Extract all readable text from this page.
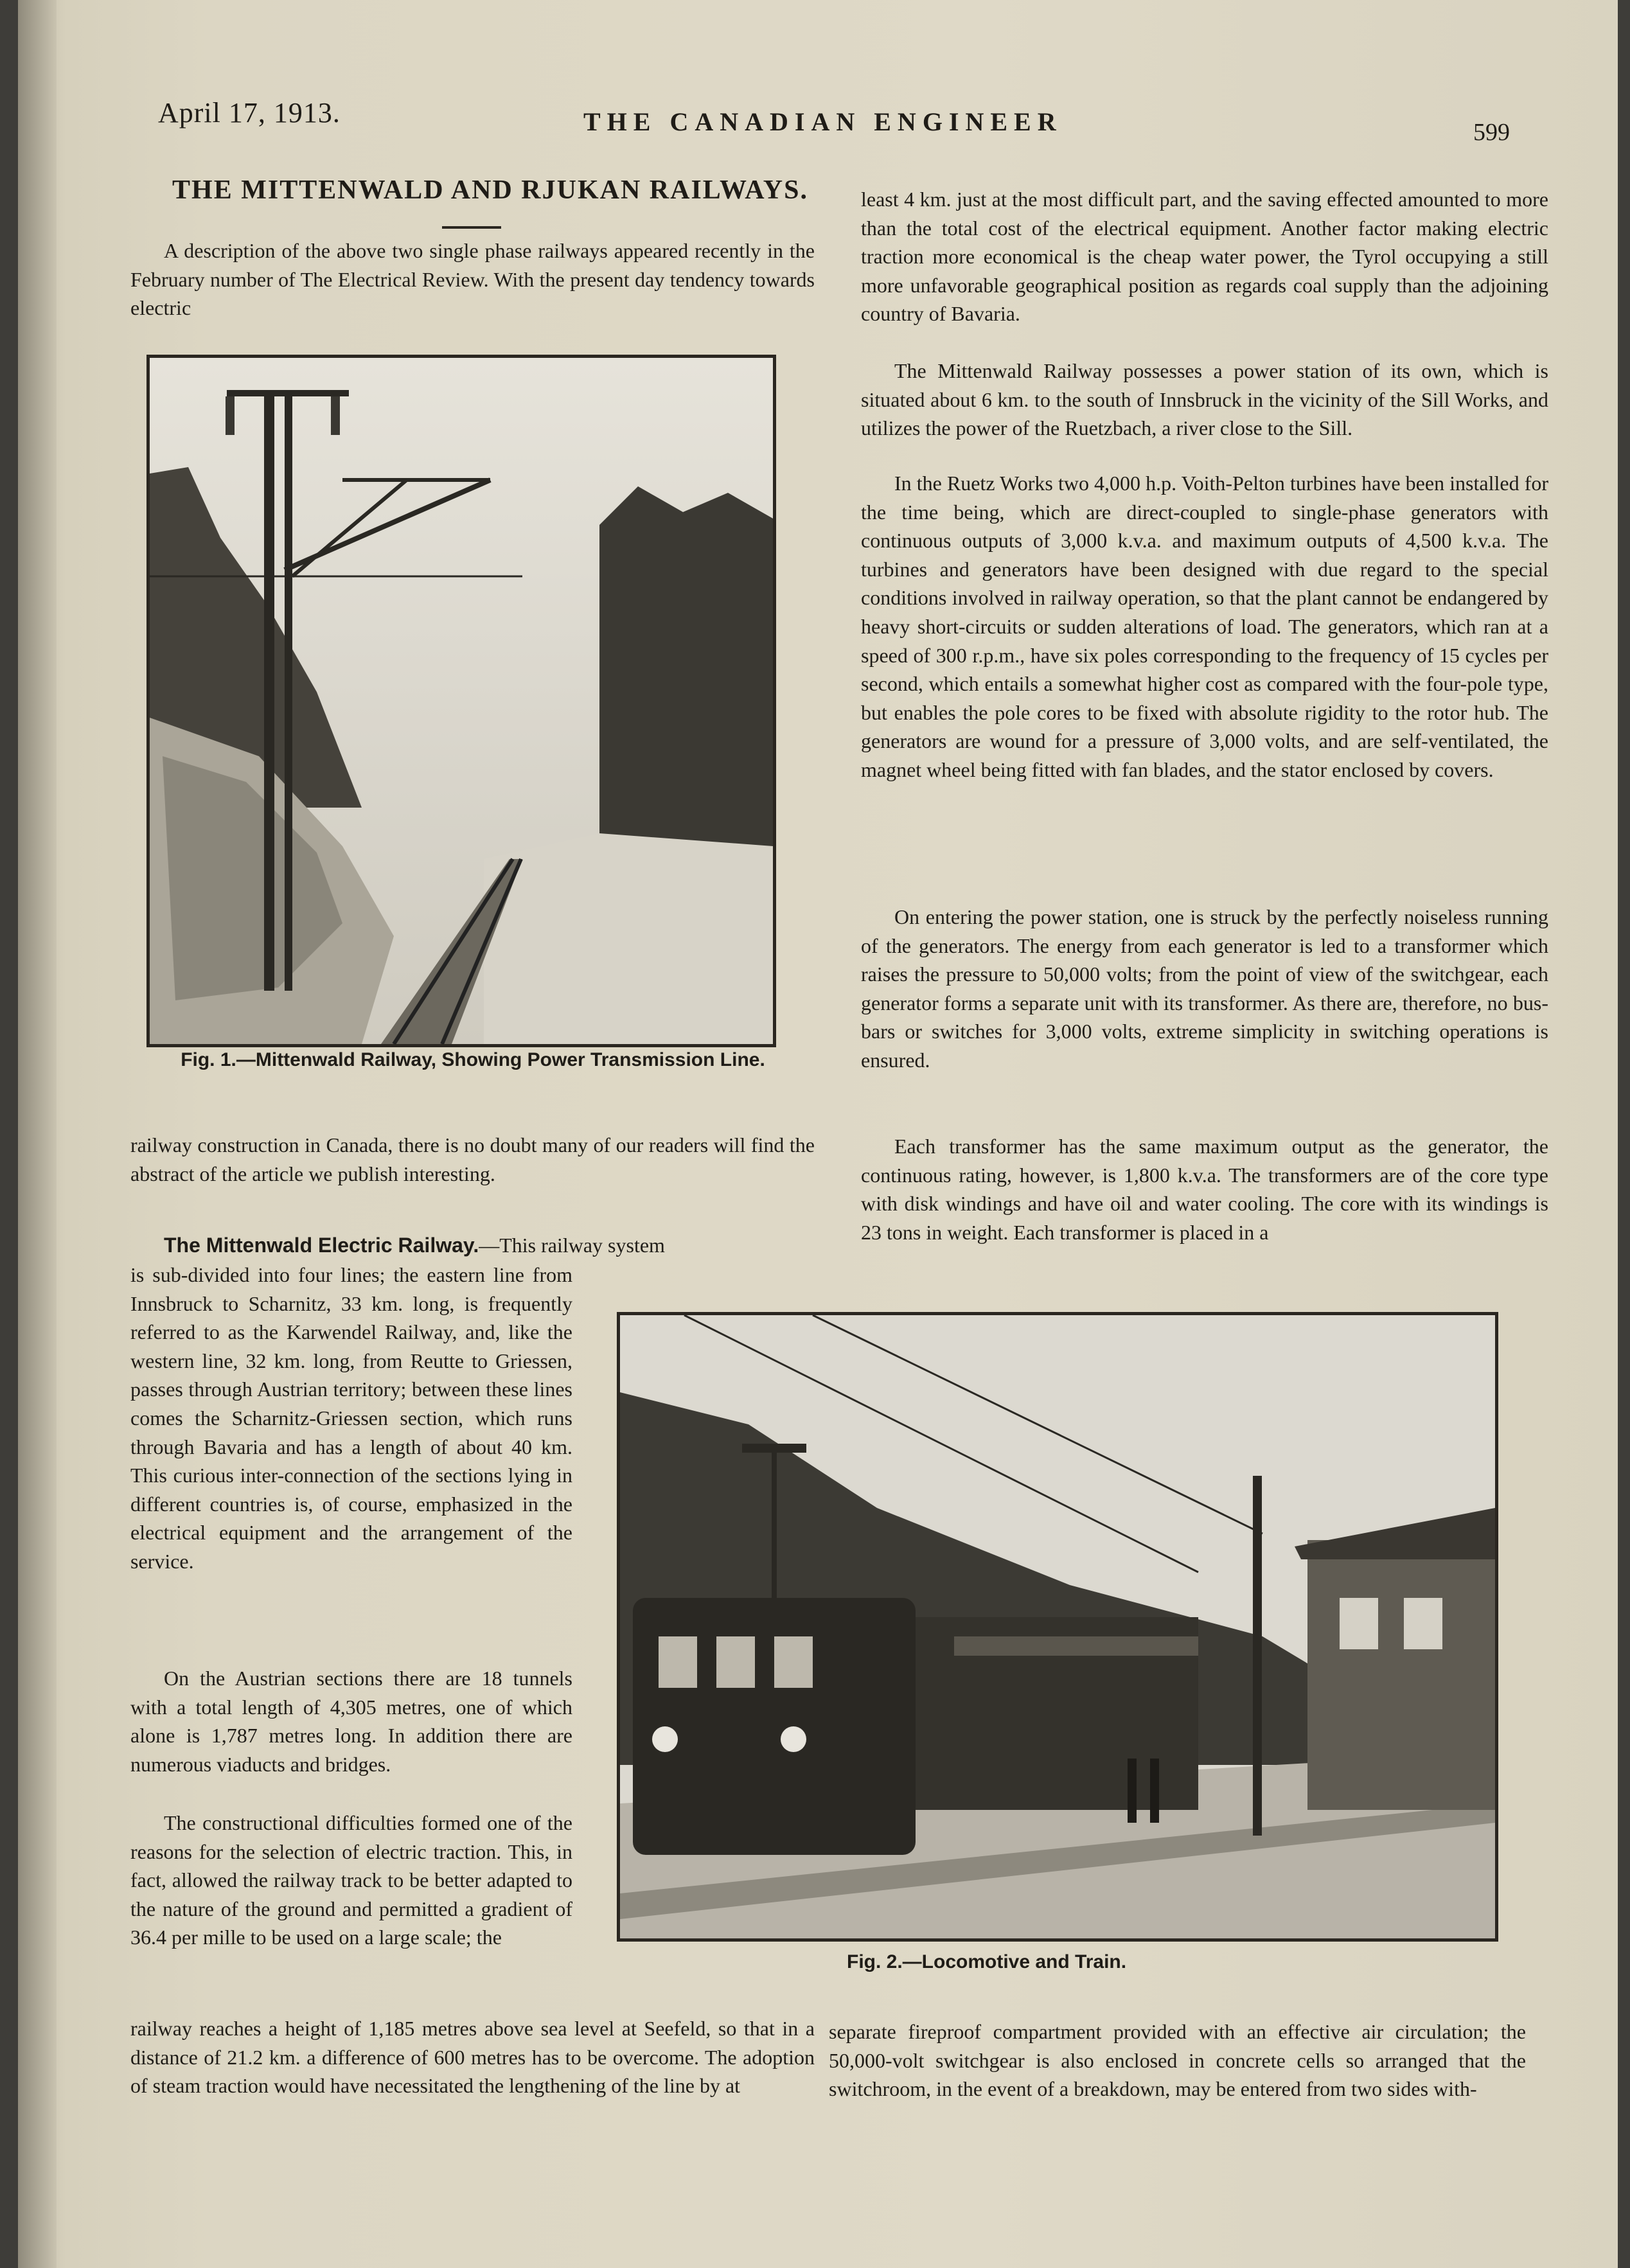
April 17, 1913.	THE CANADIAN ENGINEER	599
THE MITTENWALD AND RJUKAN RAILWAYS.

A description of the above two single phase railways appeared recently in the February number of The Electrical Review. With the present day tendency towards electric

Fig. 1.—Mittenwald Railway, Showing Power Transmission Line.

railway construction in Canada, there is no doubt many of our readers will find the abstract of the article we publish interesting.

The Mittenwald Electric Railway.—This railway system

is sub-divided into four lines; the eastern line from Innsbruck to Scharnitz, 33 km. long, is frequently referred to as the Karwendel Railway, and, like the western line, 32 km. long, from Reutte to Griessen, passes through Austrian territory; between these lines comes the Scharnitz-Griessen section, which runs through Bavaria and has a length of about 40 km. This curious inter-connection of the sections lying in different countries is, of course, emphasized in the electrical equipment and the arrangement of the service.

On the Austrian sections there are 18 tunnels with a total length of 4,305 metres, one of which alone is 1,787 metres long. In addition there are numerous viaducts and bridges.

The constructional difficulties formed one of the reasons for the selection of electric traction. This, in fact, allowed the railway track to be better adapted to the nature of the ground and permitted a gradient of 36.4 per mille to be used on a large scale; the

railway reaches a height of 1,185 metres above sea level at Seefeld, so that in a distance of 21.2 km. a difference of 600 metres has to be overcome. The adoption of steam traction would have necessitated the lengthening of the line by at

least 4 km. just at the most difficult part, and the saving effected amounted to more than the total cost of the electrical equipment. Another factor making electric traction more economical is the cheap water power, the Tyrol occupying a still more unfavorable geographical position as regards coal supply than the adjoining country of Bavaria.

The Mittenwald Railway possesses a power station of its own, which is situated about 6 km. to the south of Innsbruck in the vicinity of the Sill Works, and utilizes the power of the Ruetzbach, a river close to the Sill.

In the Ruetz Works two 4,000 h.p. Voith-Pelton turbines have been installed for the time being, which are direct-coupled to single-phase generators with continuous outputs of 3,000 k.v.a. and maximum outputs of 4,500 k.v.a. The turbines and generators have been designed with due regard to the special conditions involved in railway operation, so that the plant cannot be endangered by heavy short-circuits or sudden alterations of load. The generators, which ran at a speed of 300 r.p.m., have six poles corresponding to the frequency of 15 cycles per second, which entails a somewhat higher cost as compared with the four-pole type, but enables the pole cores to be fixed with absolute rigidity to the rotor hub. The generators are wound for a pressure of 3,000 volts, and are self-ventilated, the magnet wheel being fitted with fan blades, and the stator enclosed by covers.

On entering the power station, one is struck by the perfectly noiseless running of the generators. The energy from each generator is led to a transformer which raises the pressure to 50,000 volts; from the point of view of the switchgear, each generator forms a separate unit with its transformer. As there are, therefore, no bus-bars or switches for 3,000 volts, extreme simplicity in switching operations is ensured.

Each transformer has the same maximum output as the generator, the continuous rating, however, is 1,800 k.v.a. The transformers are of the core type with disk windings and have oil and water cooling. The core with its windings is 23 tons in weight. Each transformer is placed in a

Fig. 2.—Locomotive and Train.

separate fireproof compartment provided with an effective air circulation; the 50,000-volt switchgear is also enclosed in concrete cells so arranged that the switchroom, in the event of a breakdown, may be entered from two sides with-
